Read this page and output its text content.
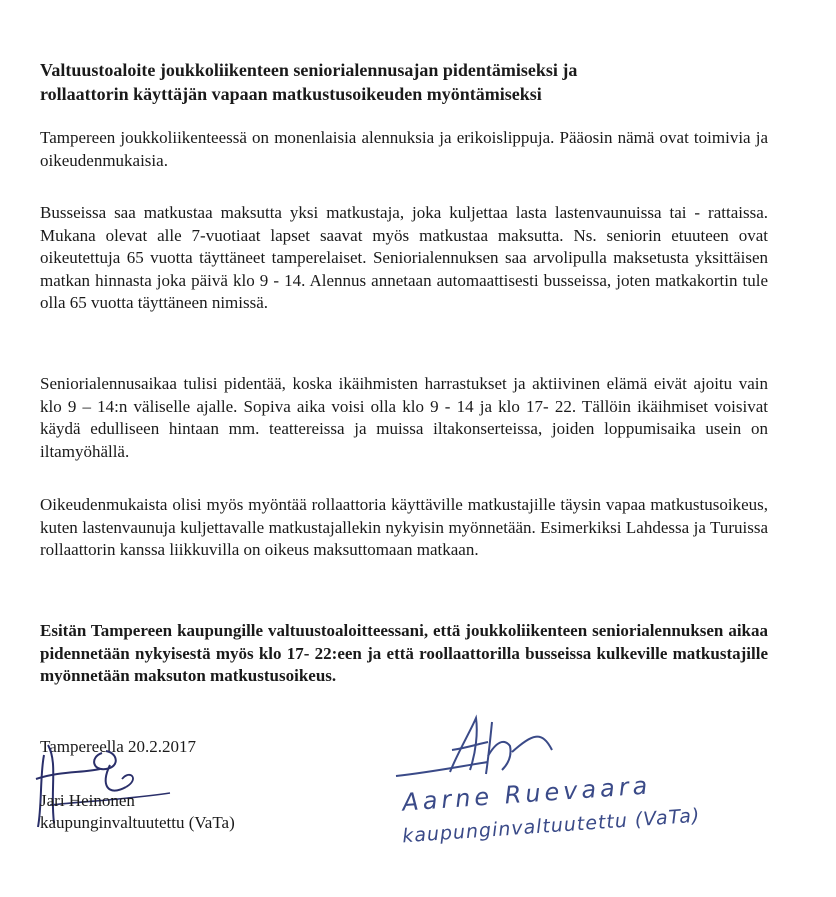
Valtuustoaloite joukkoliikenteen seniorialennusajan pidentämiseksi ja
rollaattorin käyttäjän vapaan matkustusoikeuden myöntämiseksi

Tampereen joukkoliikenteessä on monenlaisia alennuksia ja erikoislippuja. Pääosin nämä ovat toimivia ja oikeudenmukaisia.

Busseissa saa matkustaa maksutta yksi matkustaja, joka kuljettaa lasta lastenvaunuissa tai - rattaissa. Mukana olevat alle 7-vuotiaat lapset saavat myös matkustaa maksutta. Ns. seniorin etuuteen ovat oikeutettuja 65 vuotta täyttäneet tamperelaiset. Seniorialennuksen saa arvolipulla maksetusta yksittäisen matkan hinnasta joka päivä klo 9 - 14. Alennus annetaan automaattisesti busseissa, joten matkakortin tule olla 65 vuotta täyttäneen nimissä.

Seniorialennusaikaa tulisi pidentää, koska ikäihmisten harrastukset ja aktiivinen elämä eivät ajoitu vain klo 9 – 14:n väliselle ajalle. Sopiva aika voisi olla klo 9 - 14 ja klo 17- 22. Tällöin ikäihmiset voisivat käydä edulliseen hintaan mm. teattereissa ja muissa iltakonserteissa, joiden loppumisaika usein on iltamyöhällä.

Oikeudenmukaista olisi myös myöntää rollaattoria käyttäville matkustajille täysin vapaa matkustusoikeus, kuten lastenvaunuja kuljettavalle matkustajallekin nykyisin myönnetään. Esimerkiksi Lahdessa ja Turuissa rollaattorin kanssa liikkuvilla on oikeus maksuttomaan matkaan.

Esitän Tampereen kaupungille valtuustoaloitteessani, että joukkoliikenteen seniorialennuksen aikaa pidennetään nykyisestä myös klo 17- 22:een ja että roollaattorilla busseissa kulkeville matkustajille myönnetään maksuton matkustusoikeus.

Tampereella 20.2.2017
Jari Heinonen
kaupunginvaltuutettu (VaTa)
Aarne Ruevaara
kaupunginvaltuutettu (VaTa)
